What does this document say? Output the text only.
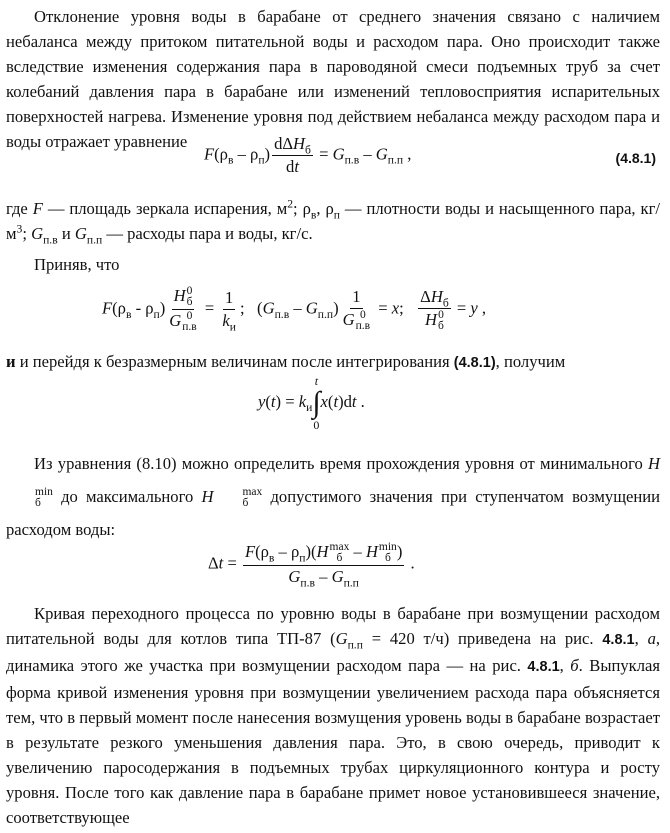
Отклонение уровня воды в барабане от среднего значения связано с наличием небаланса между притоком питательной воды и расходом пара. Оно происходит также вследствие изменения содержания пара в пароводяной смеси подъемных труб за счет колебаний давления пара в барабане или изменений тепловосприятия испарительных поверхностей нагрева. Изменение уровня под действием небаланса между расходом пара и воды отражает уравнение

$F(\rho_в - \rho_п) \frac{d\Delta H_б}{dt} = G_{п.в} - G_{п.п}$ ,	(4.8.1)

где F — площадь зеркала испарения, $м^2$; $\rho_в$, $\rho_п$ — плотности воды и насыщенного пара, $кг/м^3$; $G_{п.в}$ и $G_{п.п}$ — расходы пара и воды, кг/с.

Приняв, что

$F(\rho_в - \rho_п)$ H 0
б
G 0
$п.в = \frac{1}{k_и}$ ;   $(G_{п.в} - G_{п.п})$ 1
G 0
п.в = x; $\Delta H_б$
H 0
б = y ,

и и перейдя к безразмерным величинам после интегрирования (4.8.1), получим

$y(t) = k_и$
t
∫
0
x(t)dt .

Из уравнения (8.10) можно определить время прохождения уровня от минимального H
min
б до максимального H	max
б допустимого значения при ступенчатом возмущении расходом воды:

$\Delta t = F(\rho_в - \rho_п)(H$ max
б – H min
б )
$G_{п.в} - G_{п.п}$ .

Кривая переходного процесса по уровню воды в барабане при возмущении расходом питательной воды для котлов типа ТП-87 ($G_{п.п} = 420$ т/ч) приведена на рис. 4.8.1, а, динамика этого же участка при возмущении расходом пара — на рис. 4.8.1, б. Выпуклая форма кривой изменения уровня при возмущении увеличением расхода пара объясняется тем, что в первый момент после нанесения возмущения уровень воды в барабане возрастает в результате резкого уменьшения давления пара. Это, в свою очередь, приводит к увеличению паросодержания в подъемных трубах циркуляционного контура и росту уровня. После того как давление пара в барабане примет новое установившееся значение, соответствующее
